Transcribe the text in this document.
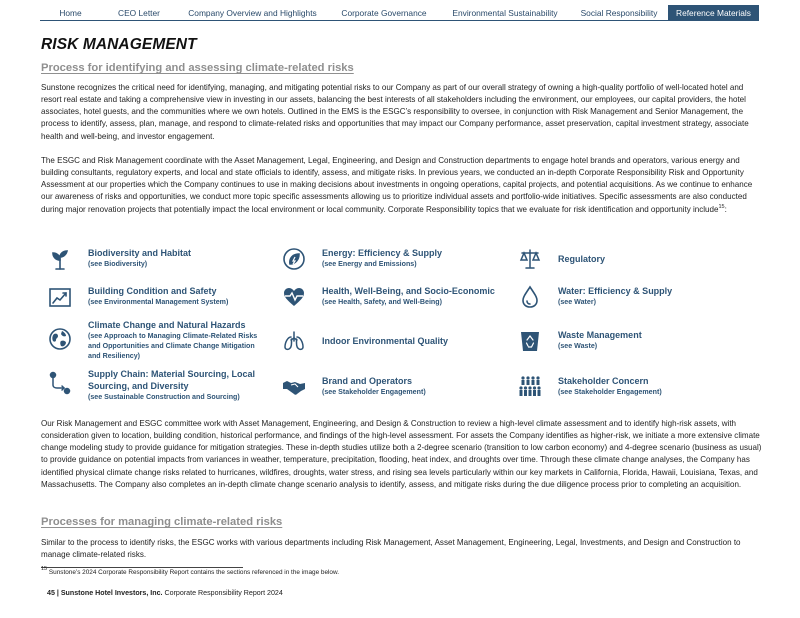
Home	CEO Letter	Company Overview and Highlights	Corporate Governance	Environmental Sustainability	Social Responsibility	Reference Materials
RISK MANAGEMENT
Process for identifying and assessing climate-related risks

Sunstone recognizes the critical need for identifying, managing, and mitigating potential risks to our Company as part of our overall strategy of owning a high-quality portfolio of well-located hotel and resort real estate and taking a comprehensive view in investing in our assets, balancing the best interests of all stakeholders including the environment, our employees, our capital providers, the hotel associates, hotel guests, and the communities where we own hotels. Outlined in the EMS is the ESGC’s responsibility to oversee, in conjunction with Risk Management and Senior Management, the process to identify, assess, plan, manage, and respond to climate-related risks and opportunities that may impact our Company performance, asset preservation, capital investment strategy, associate health and well-being, and investor engagement.

The ESGC and Risk Management coordinate with the Asset Management, Legal, Engineering, and Design and Construction departments to engage hotel brands and operators, various energy and building consultants, regulatory experts, and local and state officials to identify, assess, and mitigate risks. In previous years, we conducted an in-depth Corporate Responsibility Risk and Opportunity Assessment at our properties which the Company continues to use in making decisions about investments in ongoing operations, capital projects, and potential acquisitions. As we continue to enhance our awareness of risks and opportunities, we conduct more topic specific assessments allowing us to prioritize individual assets and portfolio-wide initiatives. Specific assessments are also conducted during major renovation projects that potentially impact the local environment or local community. Corporate Responsibility topics that we evaluate for risk identification and opportunity include$^{15}$:

Biodiversity and Habitat
(see Biodiversity)
Energy: Efficiency & Supply
(see Energy and Emissions)	Regulatory
Building Condition and Safety
(see Environmental Management System)
Health, Well-Being, and Socio-Economic
(see Health, Safety, and Well-Being)
Water: Efficiency & Supply
(see Water)
Climate Change and Natural Hazards
(see Approach to Managing Climate-Related Risks and Opportunities and Climate Change Mitigation and Resiliency)
Indoor Environmental Quality
Waste Management
(see Waste)
Supply Chain: Material Sourcing, Local Sourcing, and Diversity
(see Sustainable Construction and Sourcing)
Brand and Operators
(see Stakeholder Engagement)
Stakeholder Concern
(see Stakeholder Engagement)

Our Risk Management and ESGC committee work with Asset Management, Engineering, and Design & Construction to review a high-level climate assessment and to identify high-risk assets, with consideration given to location, building condition, historical performance, and findings of the high-level assessment. For assets the Company identifies as higher-risk, we initiate a more extensive climate change modeling study to provide guidance for mitigation strategies. These in-depth studies utilize both a 2-degree scenario (transition to low carbon economy) and 4-degree scenario (business as usual) to provide guidance on potential impacts from variances in weather, temperature, precipitation, flooding, heat index, and droughts over time. Through these climate change analyses, the Company has identified physical climate change risks related to hurricanes, wildfires, droughts, water stress, and rising sea levels particularly within our key markets in California, Florida, Hawaii, Louisiana, Texas, and Massachusetts. The Company also completes an in-depth climate change scenario analysis to identify, assess, and mitigate risks during the due diligence process prior to completing an acquisition.

Processes for managing climate-related risks

Similar to the process to identify risks, the ESGC works with various departments including Risk Management, Asset Management, Engineering, Legal, Investments, and Design and Construction to manage climate-related risks.

$^{15}$ Sunstone’s 2024 Corporate Responsibility Report contains the sections referenced in the image below.
45 | Sunstone Hotel Investors, Inc. Corporate Responsibility Report 2024
